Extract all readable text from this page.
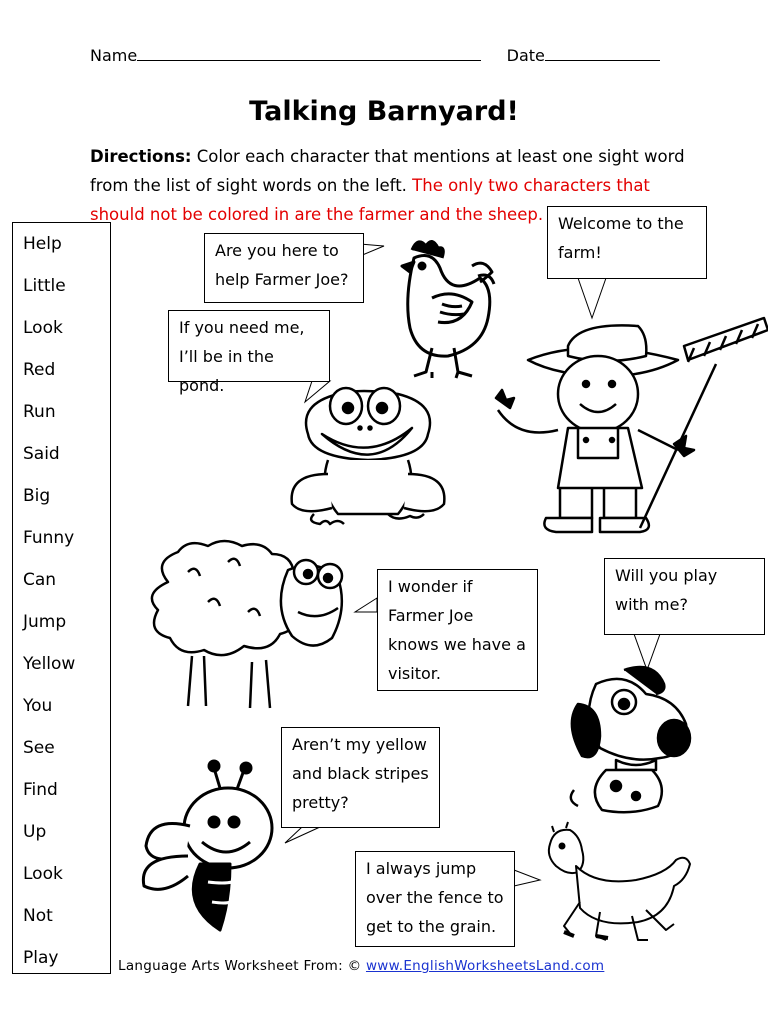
Name	Date
Talking Barnyard!
Directions: Color each character that mentions at least one sight word from the list of sight words on the left. The only two characters that should not be colored in are the farmer and the sheep.
Help
Little
Look
Red
Run
Said
Big
Funny
Can
Jump
Yellow
You
See
Find
Up
Look
Not
Play
Are you here to help Farmer Joe?
If you need me, I’ll be in the pond.
Welcome to the farm!
I wonder if Farmer Joe knows we have a visitor.
Will you play with me?
Aren’t my yellow and black stripes pretty?
I always jump over the fence to get to the grain.
Language Arts Worksheet From: © www.EnglishWorksheetsLand.com
